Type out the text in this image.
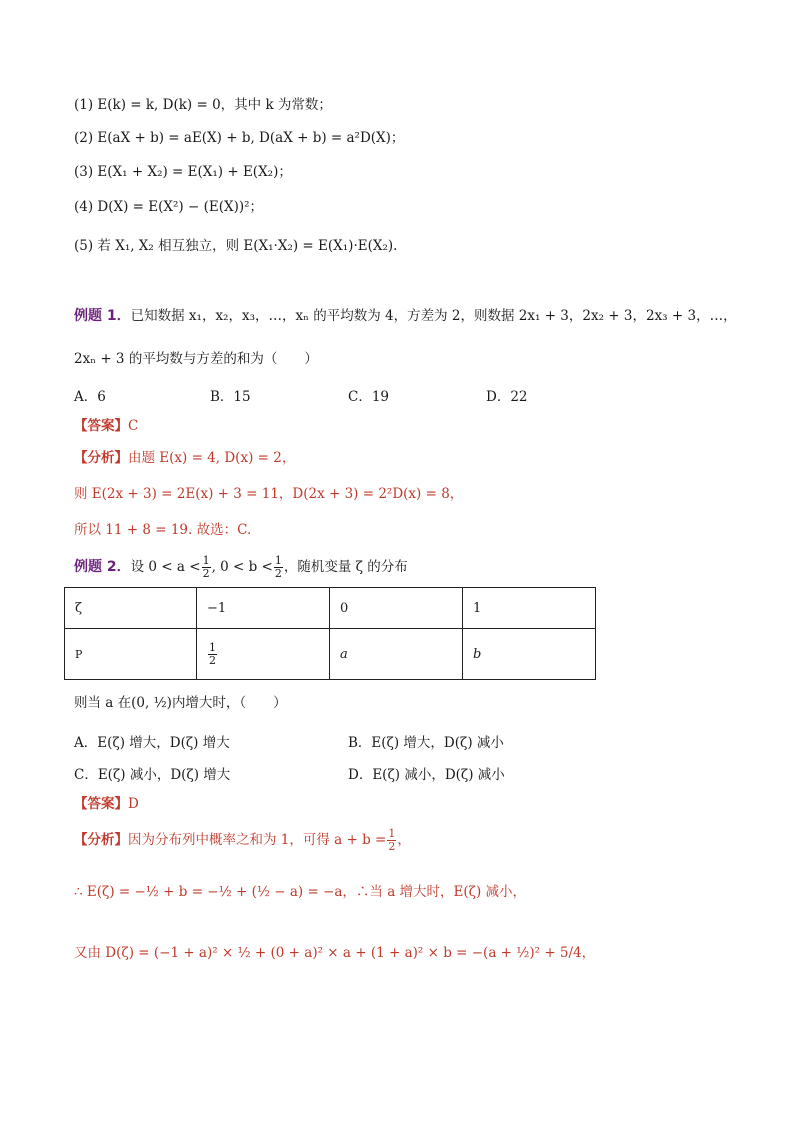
(1) E(k) = k, D(k) = 0，其中 k 为常数；
(2) E(aX + b) = aE(X) + b, D(aX + b) = a²D(X)；
(3) E(X₁ + X₂) = E(X₁) + E(X₂)；
(4) D(X) = E(X²) − (E(X))²；
(5) 若 X₁, X₂ 相互独立，则 E(X₁·X₂) = E(X₁)·E(X₂).
例题 1．已知数据 x₁，x₂，x₃，…，xₙ 的平均数为 4，方差为 2，则数据 2x₁ + 3，2x₂ + 3，2x₃ + 3，…，
2xₙ + 3 的平均数与方差的和为（　　）
A．6	B．15	C．19	D．22
【答案】C
【分析】由题 E(x) = 4, D(x) = 2，
则 E(2x + 3) = 2E(x) + 3 = 11，D(2x + 3) = 2²D(x) = 8，
所以 11 + 8 = 19. 故选：C.
例题 2．设 $0 < a < \frac{1}{2}$ , $0 < b < \frac{1}{2}$ ，随机变量 ζ 的分布
ζ	−1	0	1
P	$\frac{1}{2}$	a	b
则当 a 在(0, ½)内增大时，（　　）
A．E(ζ) 增大，D(ζ) 增大	B．E(ζ) 增大，D(ζ) 减小
C．E(ζ) 减小，D(ζ) 增大	D．E(ζ) 减小，D(ζ) 减小
【答案】D
【分析】因为分布列中概率之和为 1，可得 $a + b = \frac{1}{2}$ ，
∴ E(ζ) = −½ + b = −½ + (½ − a) = −a，∴当 a 增大时，E(ζ) 减小，
又由 D(ζ) = (−1 + a)² × ½ + (0 + a)² × a + (1 + a)² × b = −(a + ½)² + 5/4，
